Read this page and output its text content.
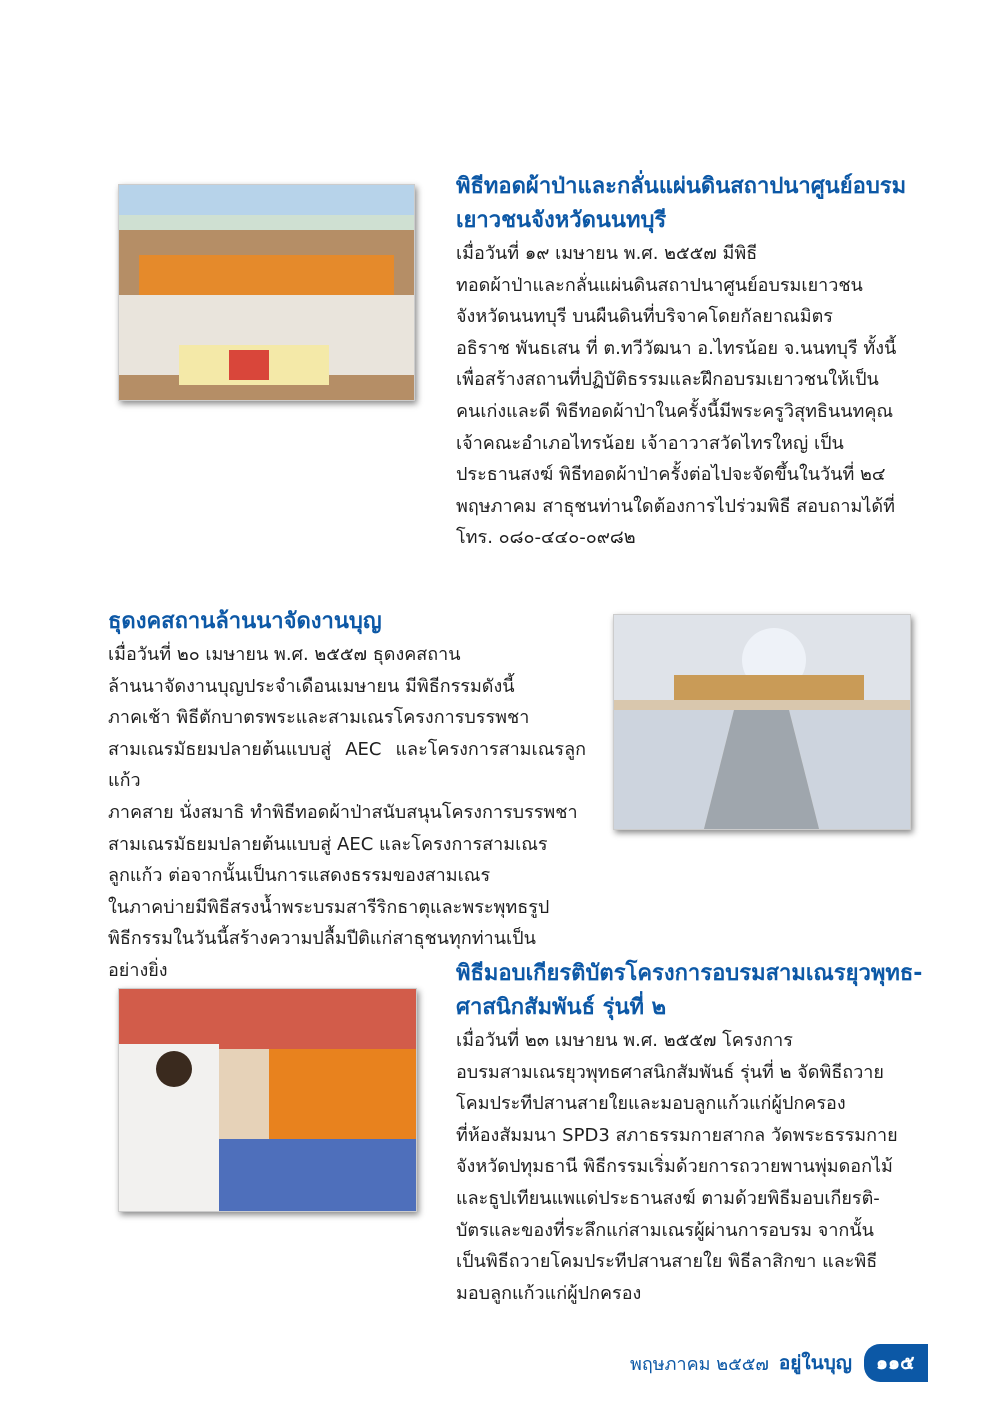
พิธีทอดผ้าป่าและกลั่นแผ่นดินสถาปนาศูนย์อบรม
เยาวชนจังหวัดนนทบุรี

เมื่อวันที่ ๑๙ เมษายน พ.ศ. ๒๕๕๗ มีพิธี
ทอดผ้าป่าและกลั่นแผ่นดินสถาปนาศูนย์อบรมเยาวชน
จังหวัดนนทบุรี บนผืนดินที่บริจาคโดยกัลยาณมิตร
อธิราช พันธเสน ที่ ต.ทวีวัฒนา อ.ไทรน้อย จ.นนทบุรี ทั้งนี้
เพื่อสร้างสถานที่ปฏิบัติธรรมและฝึกอบรมเยาวชนให้เป็น
คนเก่งและดี พิธีทอดผ้าป่าในครั้งนี้มีพระครูวิสุทธินนทคุณ
เจ้าคณะอำเภอไทรน้อย เจ้าอาวาสวัดไทรใหญ่ เป็น
ประธานสงฆ์ พิธีทอดผ้าป่าครั้งต่อไปจะจัดขึ้นในวันที่ ๒๔
พฤษภาคม สาธุชนท่านใดต้องการไปร่วมพิธี สอบถามได้ที่
โทร. ๐๘๐-๔๔๐-๐๙๘๒

ธุดงคสถานล้านนาจัดงานบุญ

เมื่อวันที่ ๒๐ เมษายน พ.ศ. ๒๕๕๗ ธุดงคสถาน
ล้านนาจัดงานบุญประจำเดือนเมษายน มีพิธีกรรมดังนี้
ภาคเช้า พิธีตักบาตรพระและสามเณรโครงการบรรพชา
สามเณรมัธยมปลายต้นแบบสู่ AEC และโครงการสามเณรลูกแก้ว
ภาคสาย นั่งสมาธิ ทำพิธีทอดผ้าป่าสนับสนุนโครงการบรรพชา
สามเณรมัธยมปลายต้นแบบสู่ AEC และโครงการสามเณร
ลูกแก้ว ต่อจากนั้นเป็นการแสดงธรรมของสามเณร
ในภาคบ่ายมีพิธีสรงน้ำพระบรมสารีริกธาตุและพระพุทธรูป
พิธีกรรมในวันนี้สร้างความปลื้มปีติแก่สาธุชนทุกท่านเป็น
อย่างยิ่ง	พิธีมอบเกียรติบัตรโครงการอบรมสามเณรยุวพุทธ-
ศาสนิกสัมพันธ์ รุ่นที่ ๒

เมื่อวันที่ ๒๓ เมษายน พ.ศ. ๒๕๕๗ โครงการ
อบรมสามเณรยุวพุทธศาสนิกสัมพันธ์ รุ่นที่ ๒ จัดพิธีถวาย
โคมประทีปสานสายใยและมอบลูกแก้วแก่ผู้ปกครอง
ที่ห้องสัมมนา SPD3 สภาธรรมกายสากล วัดพระธรรมกาย
จังหวัดปทุมธานี พิธีกรรมเริ่มด้วยการถวายพานพุ่มดอกไม้
และธูปเทียนแพแด่ประธานสงฆ์ ตามด้วยพิธีมอบเกียรติ-
บัตรและของที่ระลึกแก่สามเณรผู้ผ่านการอบรม จากนั้น
เป็นพิธีถวายโคมประทีปสานสายใย พิธีลาสิกขา และพิธี
มอบลูกแก้วแก่ผู้ปกครอง

พฤษภาคม ๒๕๕๗ อยู่ในบุญ	๑๑๕
